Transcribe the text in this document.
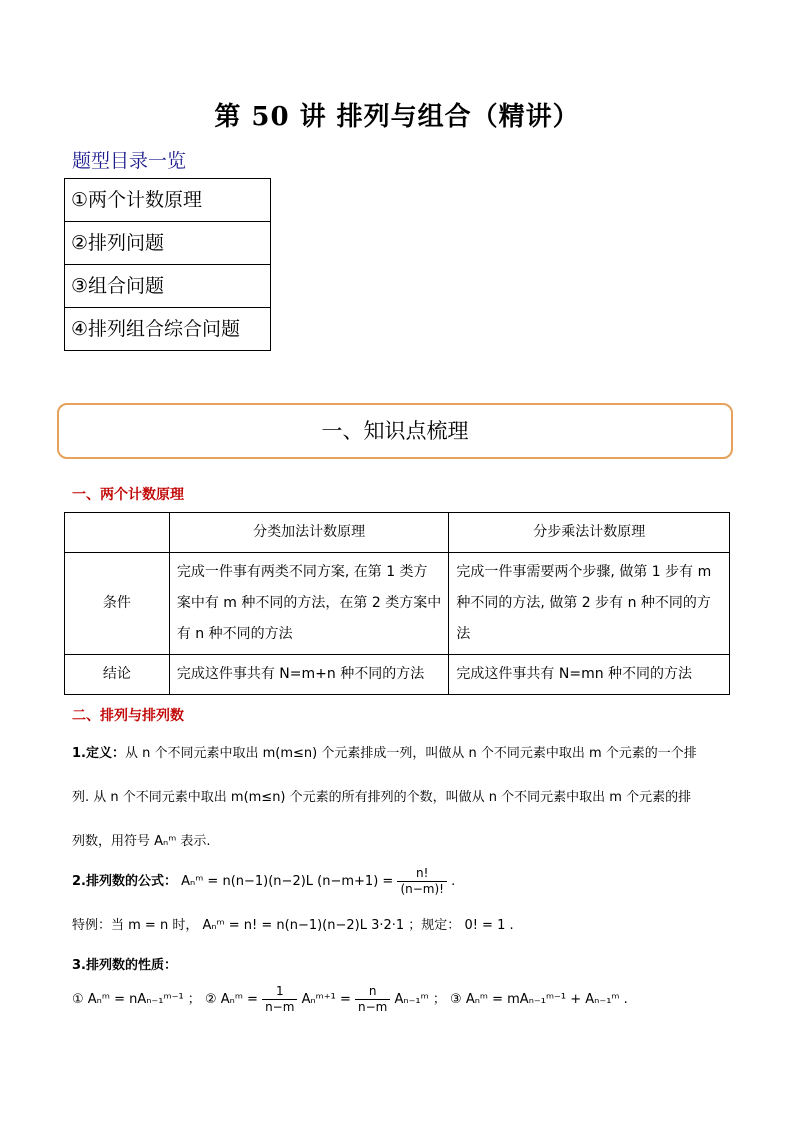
第 50 讲 排列与组合（精讲）
题型目录一览
①两个计数原理
②排列问题
③组合问题
④排列组合综合问题
一、知识点梳理
一、两个计数原理
	分类加法计数原理	分步乘法计数原理
条件	完成一件事有两类不同方案, 在第 1 类方案中有 m 种不同的方法，在第 2 类方案中有 n 种不同的方法	完成一件事需要两个步骤, 做第 1 步有 m 种不同的方法, 做第 2 步有 n 种不同的方法
结论	完成这件事共有 N=m+n 种不同的方法	完成这件事共有 N=mn 种不同的方法
二、排列与排列数
1.定义：从 n 个不同元素中取出 m(m≤n) 个元素排成一列，叫做从 n 个不同元素中取出 m 个元素的一个排
列. 从 n 个不同元素中取出 m(m≤n) 个元素的所有排列的个数，叫做从 n 个不同元素中取出 m 个元素的排
列数，用符号 Aₙᵐ 表示.
2.排列数的公式： Aₙᵐ = n(n−1)(n−2)L $(n-m+1) = \frac{n!}{(n-m)!}$ .
特例：当 m = n 时， Aₙᵐ = n! = n(n−1)(n−2)L 3·2·1 ；规定： 0! = 1 .
3.排列数的性质：
① Aₙᵐ = nAₙ₋₁ᵐ⁻¹ ； ② Aₙᵐ = $\frac{1}{n-m}$ Aₙᵐ⁺¹ = $\frac{n}{n-m}$ Aₙ₋₁ᵐ ； ③ Aₙᵐ = mAₙ₋₁ᵐ⁻¹ + Aₙ₋₁ᵐ .
